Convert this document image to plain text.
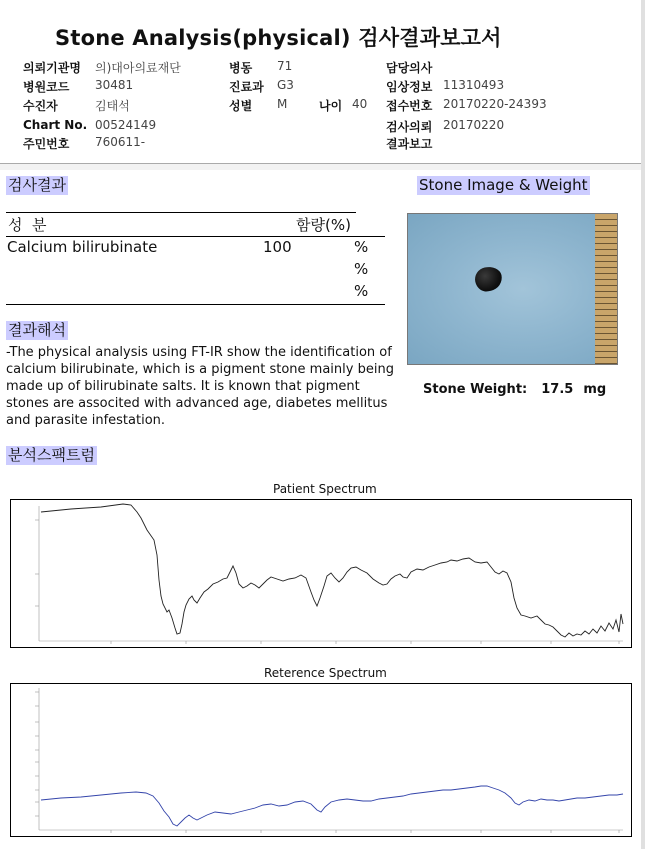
Stone Analysis(physical) 검사결과보고서
의뢰기관명 의)대아의료재단
병원코드 30481
수진자	김태석
Chart No. 00524149
주민번호 760611-
병동 71
진료과 G3
성별 M	나이 40
담당의사
임상정보 11310493
접수번호 20170220-24393
검사의뢰 20170220
결과보고
검사결과
성  분	함량(%)
Calcium bilirubinate	100	%
%
%
결과해석
-The physical analysis using FT-IR show the identification of calcium bilirubinate, which is a pigment stone mainly being made up of bilirubinate salts. It is known that pigment stones are associted with advanced age, diabetes mellitus and parasite infestation.
Stone Image & Weight
Stone Weight: 17.5 mg
분석스팩트럼
Patient Spectrum
Reterence Spectrum
